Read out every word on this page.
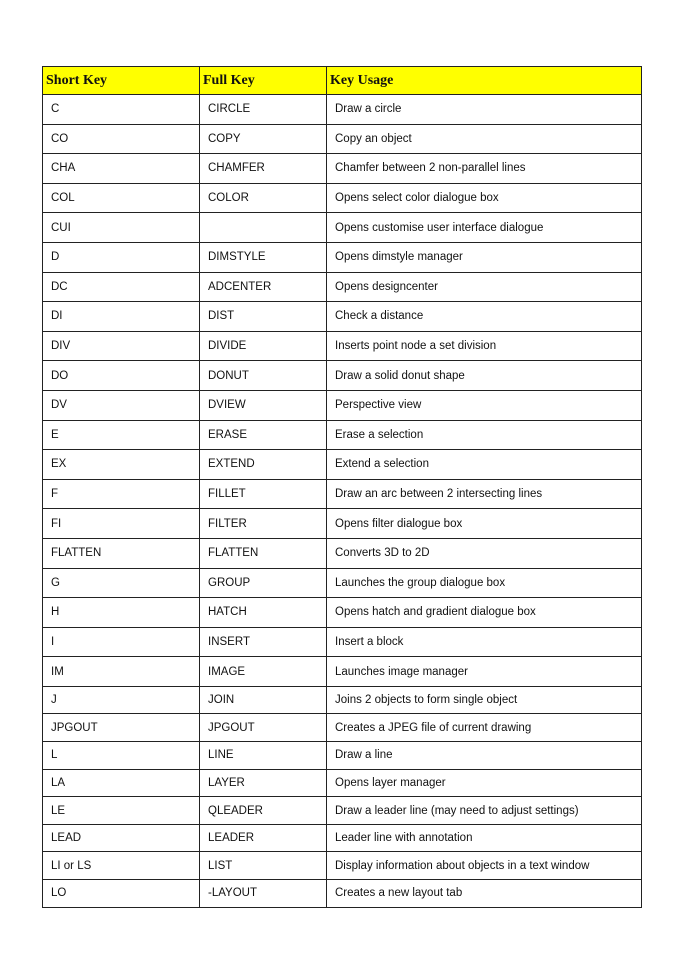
Short Key	Full Key	Key Usage
C	CIRCLE	Draw a circle
CO	COPY	Copy an object
CHA	CHAMFER	Chamfer between 2 non-parallel lines
COL	COLOR	Opens select color dialogue box
CUI		Opens customise user interface dialogue
D	DIMSTYLE	Opens dimstyle manager
DC	ADCENTER	Opens designcenter
DI	DIST	Check a distance
DIV	DIVIDE	Inserts point node a set division
DO	DONUT	Draw a solid donut shape
DV	DVIEW	Perspective view
E	ERASE	Erase a selection
EX	EXTEND	Extend a selection
F	FILLET	Draw an arc between 2 intersecting lines
FI	FILTER	Opens filter dialogue box
FLATTEN	FLATTEN	Converts 3D to 2D
G	GROUP	Launches the group dialogue box
H	HATCH	Opens hatch and gradient dialogue box
I	INSERT	Insert a block
IM	IMAGE	Launches image manager
J	JOIN	Joins 2 objects to form single object
JPGOUT	JPGOUT	Creates a JPEG file of current drawing
L	LINE	Draw a line
LA	LAYER	Opens layer manager
LE	QLEADER	Draw a leader line (may need to adjust settings)
LEAD	LEADER	Leader line with annotation
LI or LS	LIST	Display information about objects in a text window
LO	-LAYOUT	Creates a new layout tab
